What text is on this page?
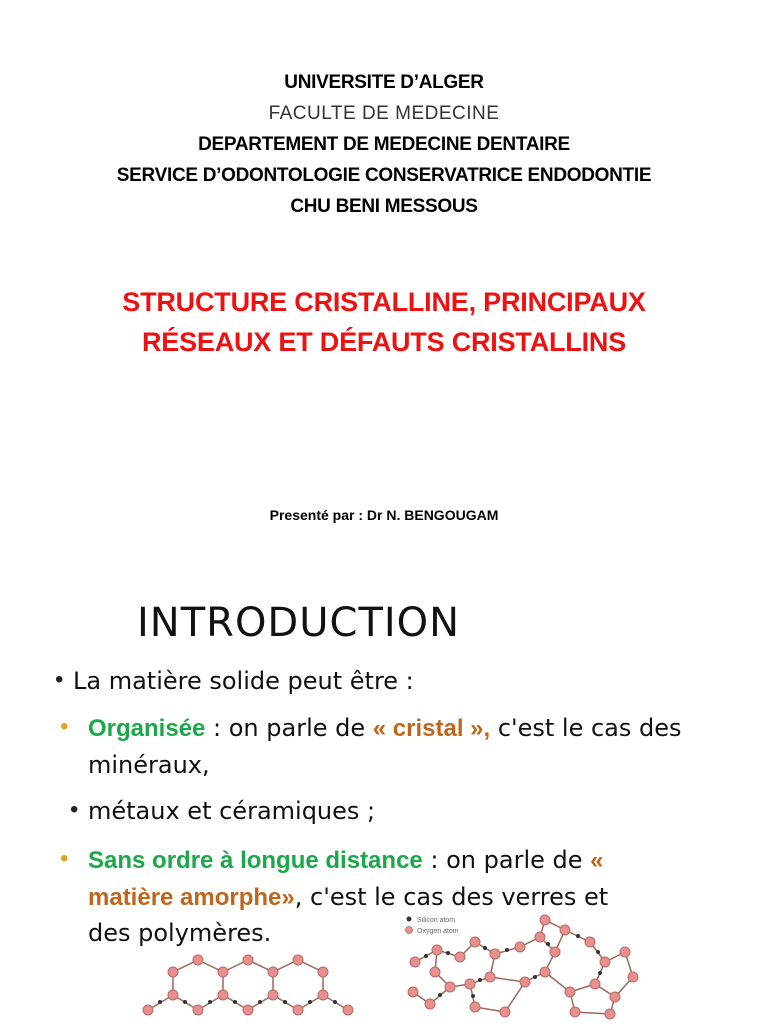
UNIVERSITE D’ALGER
FACULTE DE MEDECINE
DEPARTEMENT DE MEDECINE DENTAIRE
SERVICE D’ODONTOLOGIE CONSERVATRICE ENDODONTIE
CHU BENI MESSOUS
STRUCTURE CRISTALLINE, PRINCIPAUX
RÉSEAUX ET DÉFAUTS CRISTALLINS
Presenté par : Dr N. BENGOUGAM
INTRODUCTION
• La matière solide peut être :
• Organisée : on parle de « cristal », c'est le cas des
minéraux,
• métaux et céramiques ;
• Sans ordre à longue distance : on parle de «
matière amorphe», c'est le cas des verres et
des polymères.	Silicon atom
Oxygen atom
